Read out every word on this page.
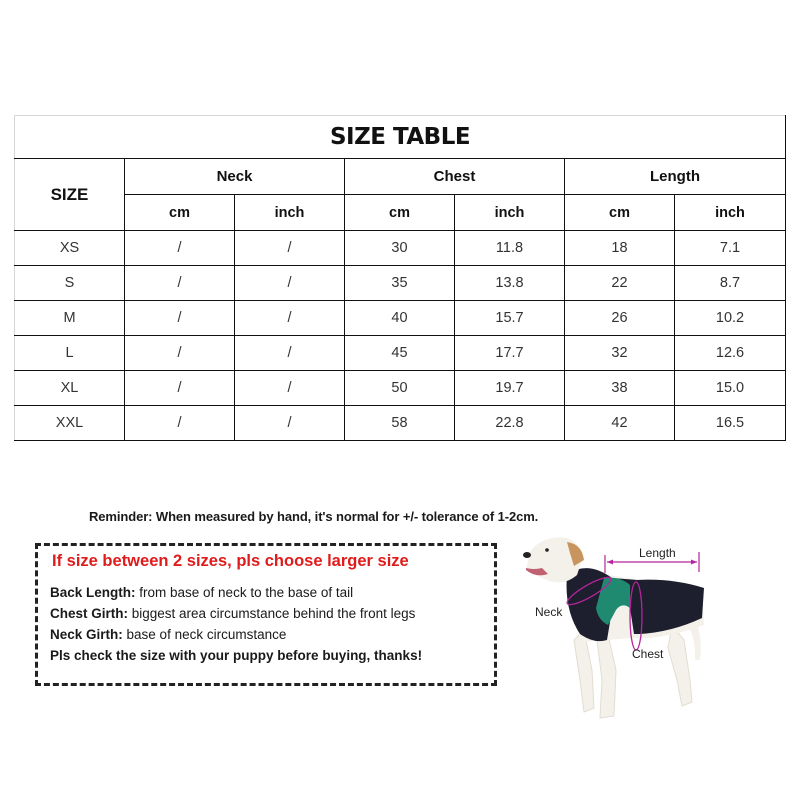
SIZE TABLE						
SIZE	Neck		Chest		Length	
	cm	inch	cm	inch	cm	inch
XS	/	/	30	11.8	18	7.1
S	/	/	35	13.8	22	8.7
M	/	/	40	15.7	26	10.2
L	/	/	45	17.7	32	12.6
XL	/	/	50	19.7	38	15.0
XXL	/	/	58	22.8	42	16.5
Reminder: When measured by hand, it's normal for +/- tolerance of 1-2cm.
If size between 2 sizes, pls choose larger size
Back Length: from base of neck to the base of tail
Chest Girth: biggest area circumstance behind the front legs
Neck Girth: base of neck circumstance
Pls check the size with your puppy before buying, thanks!
Length
Neck
Chest
